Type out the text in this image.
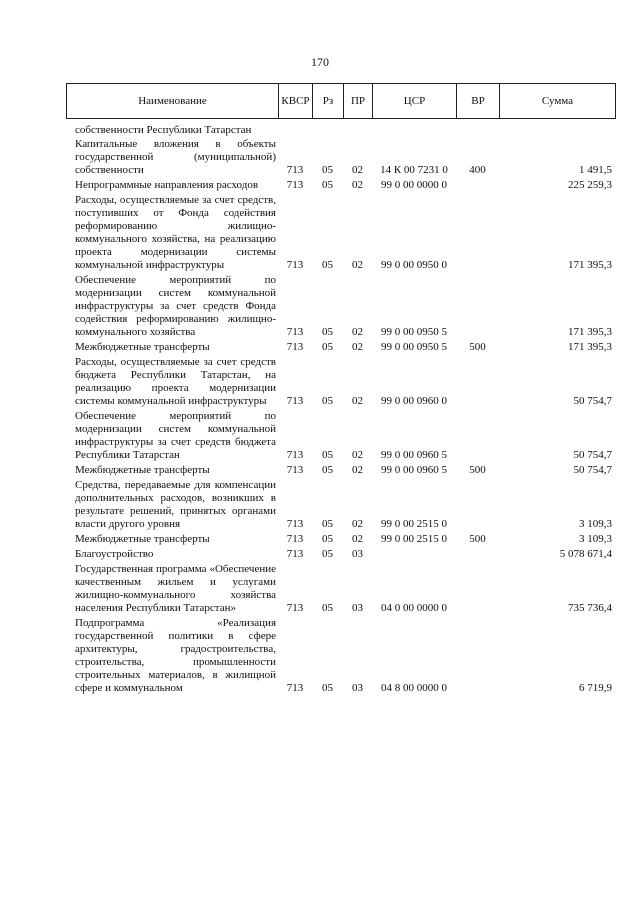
170
Наименование	КВСР	Рз	ПР	ЦСР	ВР	Сумма
собственности Республики Татарстан						
Капитальные вложения в объекты государственной (муниципальной) собственности	713	05	02	14 К 00 7231 0	400	1 491,5
Непрограммные направления расходов	713	05	02	99 0 00 0000 0		225 259,3
Расходы, осуществляемые за счет средств, поступивших от Фонда содействия реформированию жилищно-коммунального хозяйства, на реализацию проекта модернизации системы коммунальной инфраструктуры	713	05	02	99 0 00 0950 0		171 395,3
Обеспечение мероприятий по модернизации систем коммунальной инфраструктуры за счет средств Фонда содействия реформированию жилищно-коммунального хозяйства	713	05	02	99 0 00 0950 5		171 395,3
Межбюджетные трансферты	713	05	02	99 0 00 0950 5	500	171 395,3
Расходы, осуществляемые за счет средств бюджета Республики Татарстан, на реализацию проекта модернизации системы коммунальной инфраструктуры	713	05	02	99 0 00 0960 0		50 754,7
Обеспечение мероприятий по модернизации систем коммунальной инфраструктуры за счет средств бюджета Республики Татарстан	713	05	02	99 0 00 0960 5		50 754,7
Межбюджетные трансферты	713	05	02	99 0 00 0960 5	500	50 754,7
Средства, передаваемые для компенсации дополнительных расходов, возникших в результате решений, принятых органами власти другого уровня	713	05	02	99 0 00 2515 0		3 109,3
Межбюджетные трансферты	713	05	02	99 0 00 2515 0	500	3 109,3
Благоустройство	713	05	03			5 078 671,4
Государственная программа «Обеспечение качественным жильем и услугами жилищно-коммунального хозяйства населения Республики Татарстан»	713	05	03	04 0 00 0000 0		735 736,4
Подпрограмма «Реализация государственной политики в сфере архитектуры, градостроительства, строительства, промышленности строительных материалов, в жилищной сфере и коммунальном	713	05	03	04 8 00 0000 0		6 719,9
